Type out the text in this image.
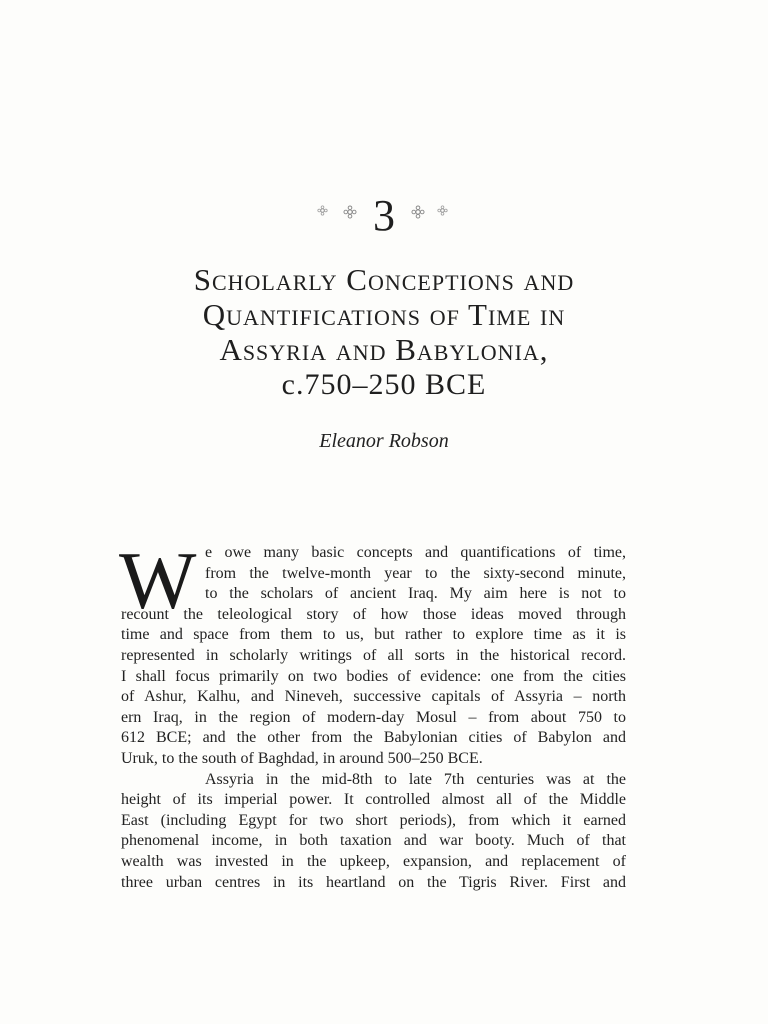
3
Scholarly Conceptions and
Quantifications of Time in
Assyria and Babylonia,
c.750–250 BCE
Eleanor Robson
W e owe many basic concepts and quantifications of time,
from the twelve-month year to the sixty-second minute,
to the scholars of ancient Iraq. My aim here is not to
recount the teleological story of how those ideas moved through
time and space from them to us, but rather to explore time as it is
represented in scholarly writings of all sorts in the historical record.
I shall focus primarily on two bodies of evidence: one from the cities
of Ashur, Kalhu, and Nineveh, successive capitals of Assyria – north
ern Iraq, in the region of modern-day Mosul – from about 750 to
612 BCE; and the other from the Babylonian cities of Babylon and
Uruk, to the south of Baghdad, in around 500–250 BCE.
Assyria in the mid-8th to late 7th centuries was at the
height of its imperial power. It controlled almost all of the Middle
East (including Egypt for two short periods), from which it earned
phenomenal income, in both taxation and war booty. Much of that
wealth was invested in the upkeep, expansion, and replacement of
three urban centres in its heartland on the Tigris River. First and
